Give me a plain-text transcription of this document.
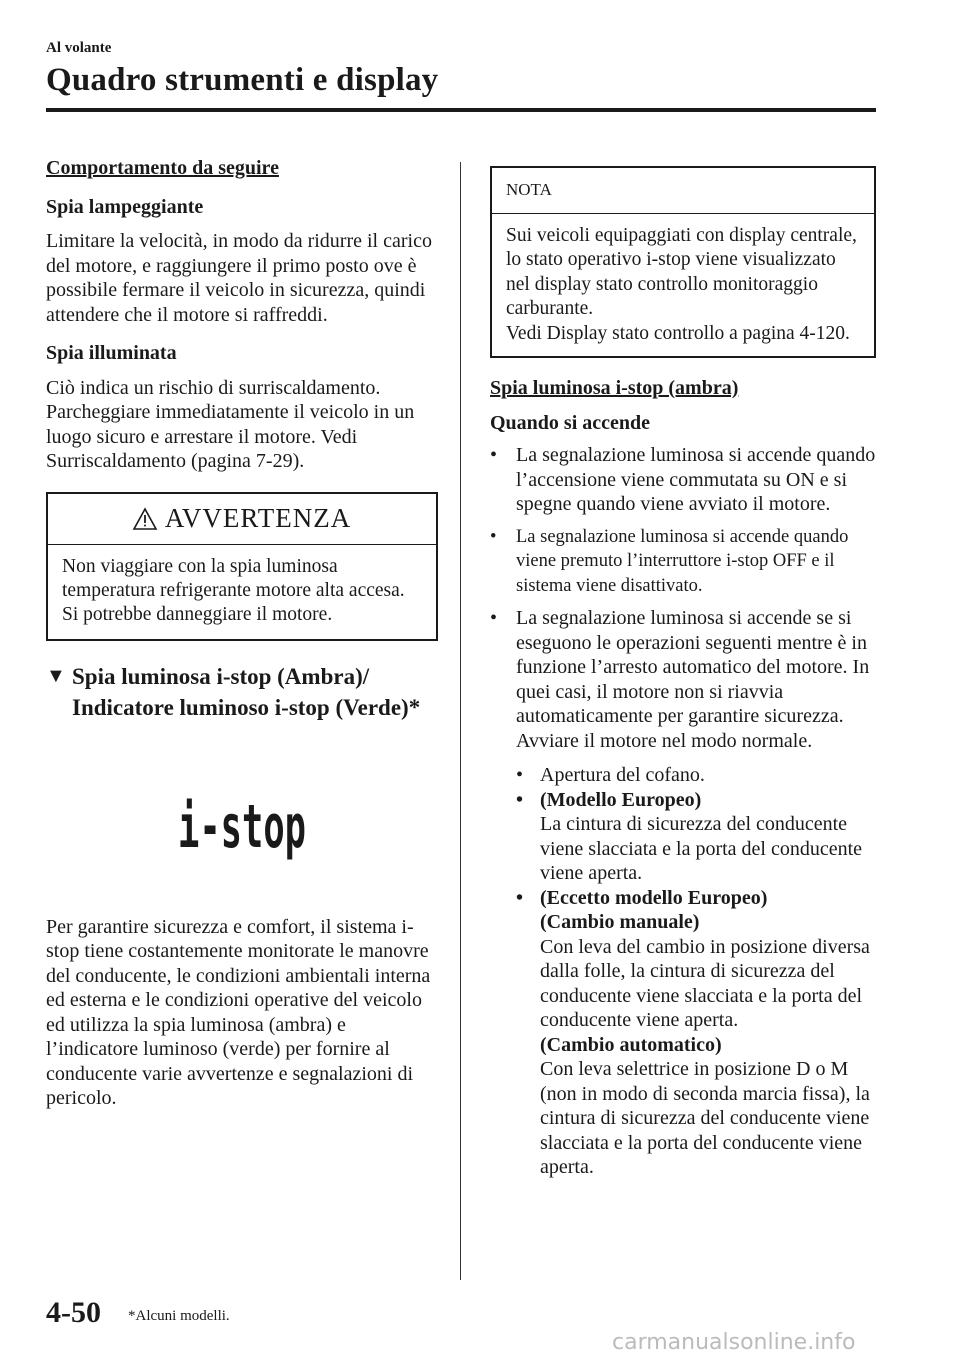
Al volante
Quadro strumenti e display

Comportamento da seguire

Spia lampeggiante

Limitare la velocità, in modo da ridurre il carico del motore, e raggiungere il primo posto ove è possibile fermare il veicolo in sicurezza, quindi attendere che il motore si raffreddi.

Spia illuminata

Ciò indica un rischio di surriscaldamento. Parcheggiare immediatamente il veicolo in un luogo sicuro e arrestare il motore. Vedi Surriscaldamento (pagina 7-29).

AVVERTENZA
Non viaggiare con la spia luminosa temperatura refrigerante motore alta accesa. Si potrebbe danneggiare il motore.
▼ Spia luminosa i-stop (Ambra)/ Indicatore luminoso i-stop (Verde)*
i-stop

Per garantire sicurezza e comfort, il sistema i-stop tiene costantemente monitorate le manovre del conducente, le condizioni ambientali interna ed esterna e le condizioni operative del veicolo ed utilizza la spia luminosa (ambra) e l’indicatore luminoso (verde) per fornire al conducente varie avvertenze e segnalazioni di pericolo.

NOTA

Sui veicoli equipaggiati con display centrale, lo stato operativo i-stop viene visualizzato nel display stato controllo monitoraggio carburante.

Vedi Display stato controllo a pagina 4-120.

Spia luminosa i-stop (ambra)

Quando si accende

• La segnalazione luminosa si accende quando l’accensione viene commutata su ON e si spegne quando viene avviato il motore.
•	La segnalazione luminosa si accende quando viene premuto l’interruttore i-stop OFF e il sistema viene disattivato.
• La segnalazione luminosa si accende se si eseguono le operazioni seguenti mentre è in funzione l’arresto automatico del motore. In quei casi, il motore non si riavvia automaticamente per garantire sicurezza. Avviare il motore nel modo normale.
• Apertura del cofano.
• (Modello Europeo)
La cintura di sicurezza del conducente viene slacciata e la porta del conducente viene aperta.
• (Eccetto modello Europeo)
(Cambio manuale)
Con leva del cambio in posizione diversa dalla folle, la cintura di sicurezza del conducente viene slacciata e la porta del conducente viene aperta.
(Cambio automatico)
Con leva selettrice in posizione D o M (non in modo di seconda marcia fissa), la cintura di sicurezza del conducente viene slacciata e la porta del conducente viene aperta.
4-50 *Alcuni modelli.
carmanualsonline.info
